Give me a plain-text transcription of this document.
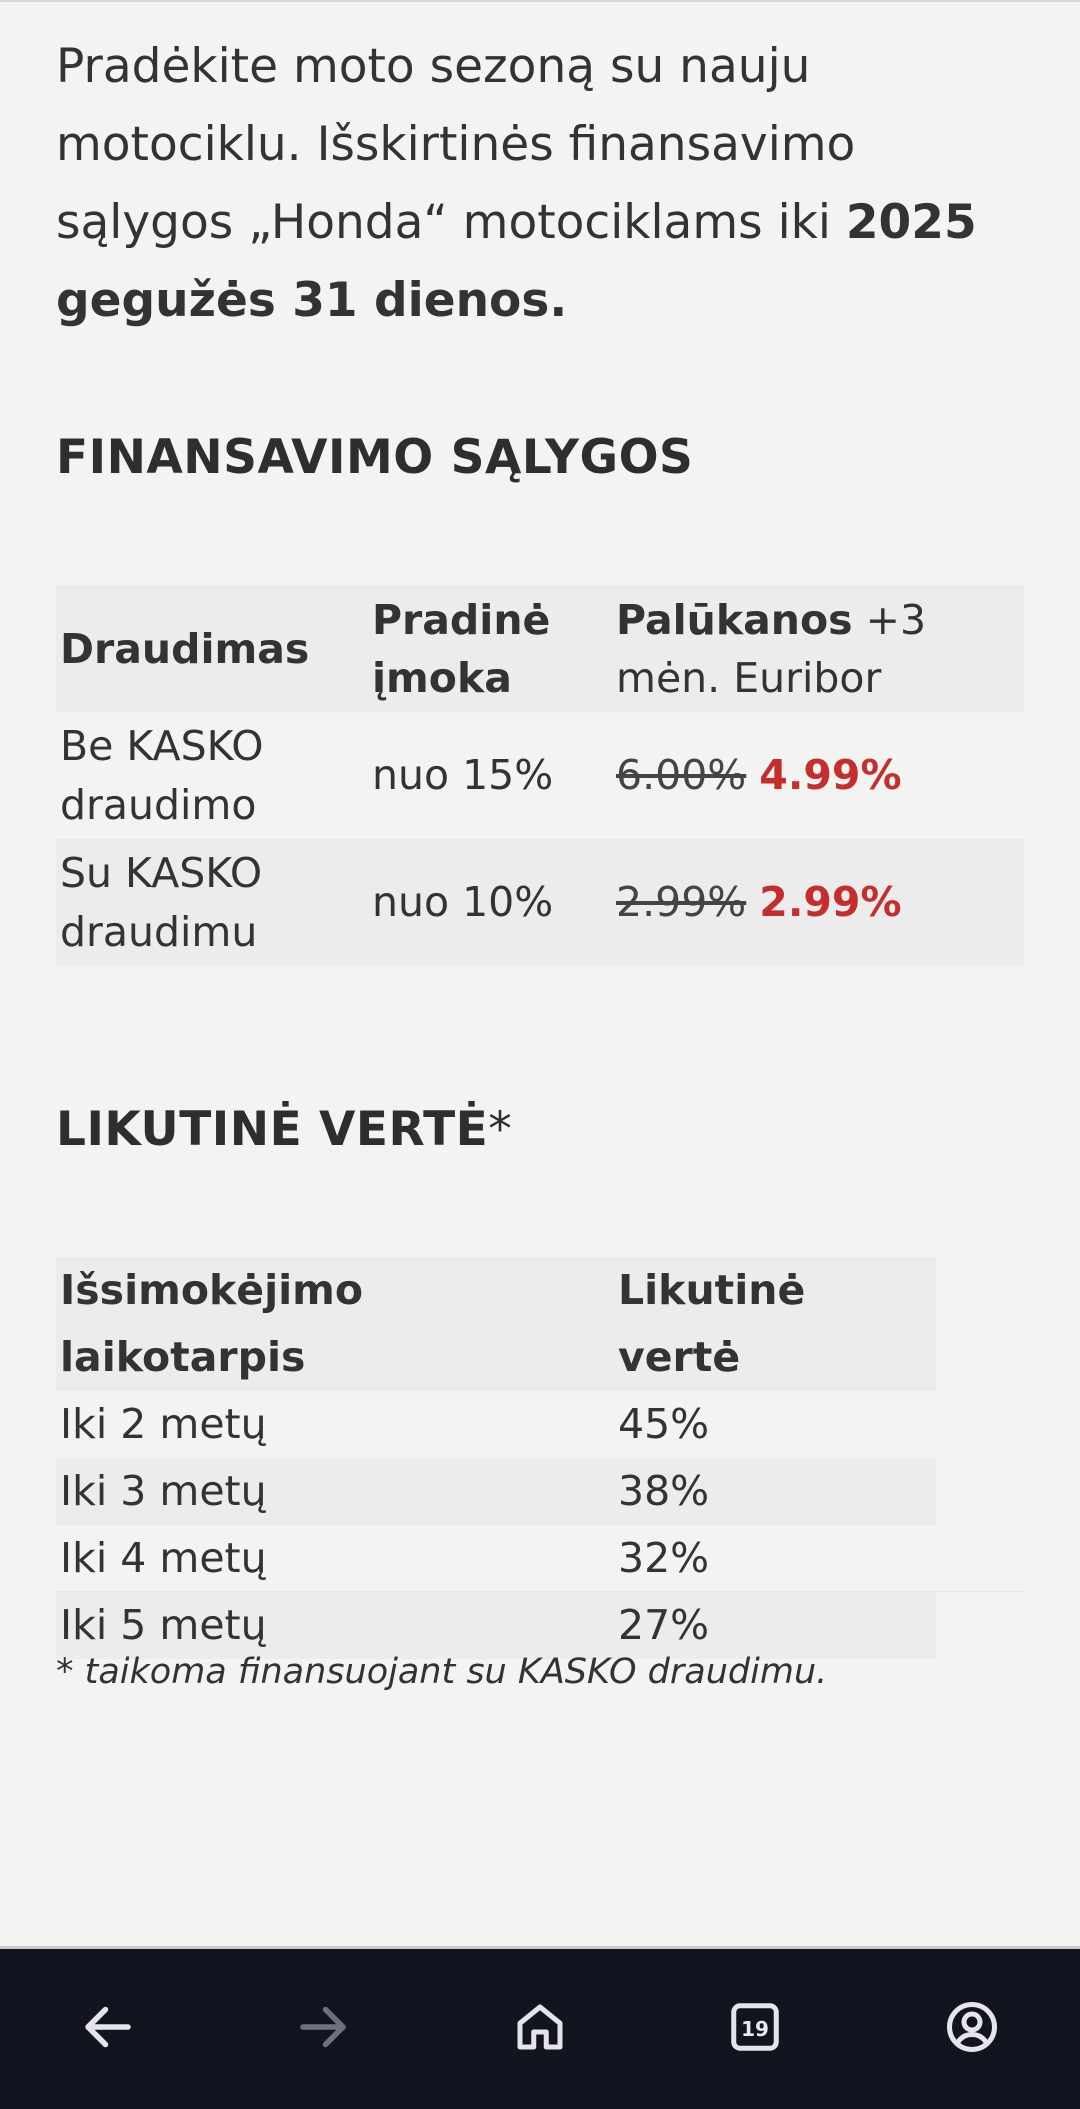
Pradėkite moto sezoną su nauju motociklu. Išskirtinės finansavimo sąlygos „Honda“ motociklams iki 2025 gegužės 31 dienos.

FINANSAVIMO SĄLYGOS
Draudimas	Pradinė įmoka	Palūkanos +3 mėn. Euribor
Be KASKO draudimo	nuo 15%	6.00% 4.99%
Su KASKO draudimu	nuo 10%	2.99% 2.99%
LIKUTINĖ VERTĖ*
Išsimokėjimo laikotarpis	Likutinė vertė
Iki 2 metų	45%
Iki 3 metų	38%
Iki 4 metų	32%
Iki 5 metų	27%

* taikoma finansuojant su KASKO draudimu.

19
